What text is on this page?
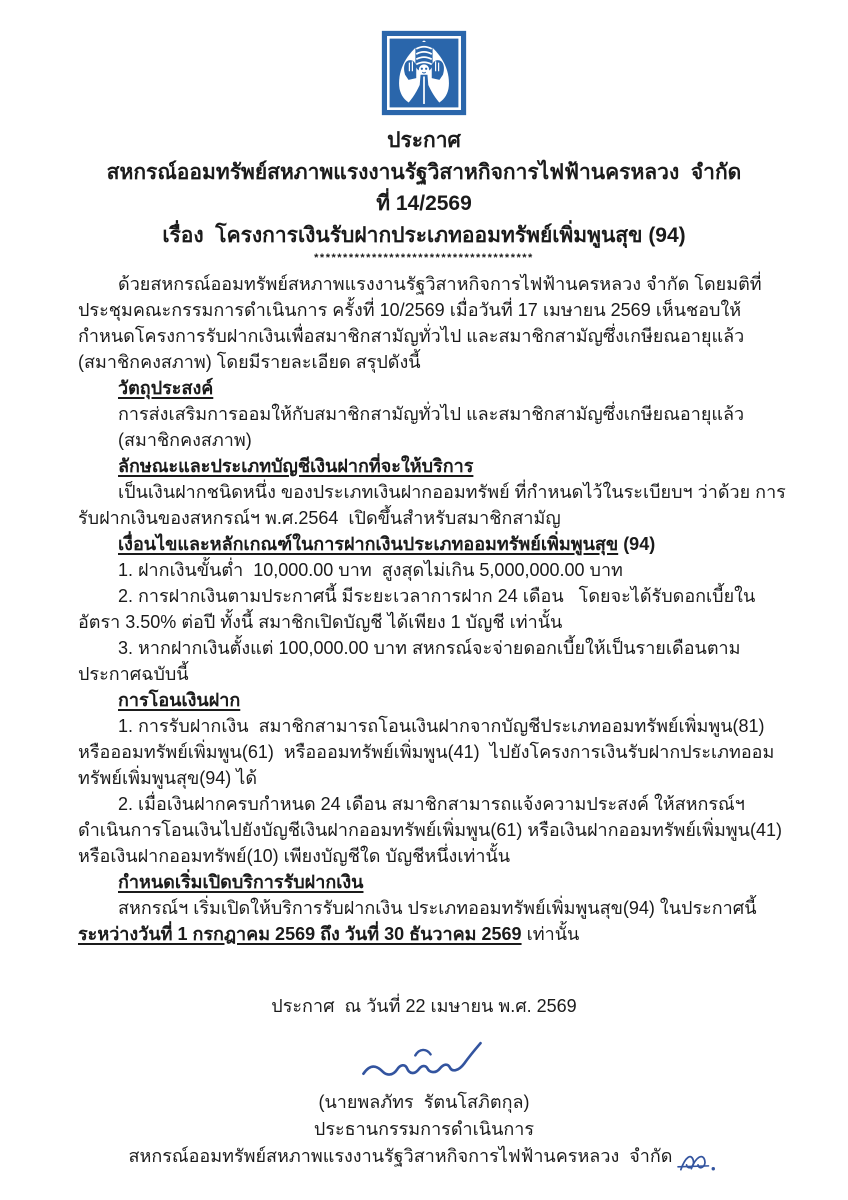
ประกาศ
สหกรณ์ออมทรัพย์สหภาพแรงงานรัฐวิสาหกิจการไฟฟ้านครหลวง  จำกัด
ที่ 14/2569
เรื่อง  โครงการเงินรับฝากประเภทออมทรัพย์เพิ่มพูนสุข (94)
**************************************

ด้วยสหกรณ์ออมทรัพย์สหภาพแรงงานรัฐวิสาหกิจการไฟฟ้านครหลวง จำกัด โดยมติที่ประชุมคณะกรรมการดำเนินการ ครั้งที่ 10/2569 เมื่อวันที่ 17 เมษายน 2569 เห็นชอบให้กำหนดโครงการรับฝากเงินเพื่อสมาชิกสามัญทั่วไป และสมาชิกสามัญซึ่งเกษียณอายุแล้ว (สมาชิกคงสภาพ) โดยมีรายละเอียด สรุปดังนี้

วัตถุประสงค์

การส่งเสริมการออมให้กับสมาชิกสามัญทั่วไป และสมาชิกสามัญซึ่งเกษียณอายุแล้ว (สมาชิกคงสภาพ)

ลักษณะและประเภทบัญชีเงินฝากที่จะให้บริการ

เป็นเงินฝากชนิดหนึ่ง ของประเภทเงินฝากออมทรัพย์ ที่กำหนดไว้ในระเบียบฯ ว่าด้วย การรับฝากเงินของสหกรณ์ฯ พ.ศ.2564  เปิดขึ้นสำหรับสมาชิกสามัญ

เงื่อนไขและหลักเกณฑ์ในการฝากเงินประเภทออมทรัพย์เพิ่มพูนสุข (94)

1. ฝากเงินขั้นต่ำ  10,000.00 บาท  สูงสุดไม่เกิน 5,000,000.00 บาท

2. การฝากเงินตามประกาศนี้ มีระยะเวลาการฝาก 24 เดือน   โดยจะได้รับดอกเบี้ยในอัตรา 3.50% ต่อปี ทั้งนี้ สมาชิกเปิดบัญชี ได้เพียง 1 บัญชี เท่านั้น

3. หากฝากเงินตั้งแต่ 100,000.00 บาท สหกรณ์จะจ่ายดอกเบี้ยให้เป็นรายเดือนตามประกาศฉบับนี้

การโอนเงินฝาก

1. การรับฝากเงิน  สมาชิกสามารถโอนเงินฝากจากบัญชีประเภทออมทรัพย์เพิ่มพูน(81) หรือออมทรัพย์เพิ่มพูน(61)  หรือออมทรัพย์เพิ่มพูน(41)  ไปยังโครงการเงินรับฝากประเภทออมทรัพย์เพิ่มพูนสุข(94) ได้

2. เมื่อเงินฝากครบกำหนด 24 เดือน สมาชิกสามารถแจ้งความประสงค์ ให้สหกรณ์ฯ ดำเนินการโอนเงินไปยังบัญชีเงินฝากออมทรัพย์เพิ่มพูน(61) หรือเงินฝากออมทรัพย์เพิ่มพูน(41) หรือเงินฝากออมทรัพย์(10) เพียงบัญชีใด บัญชีหนึ่งเท่านั้น

กำหนดเริ่มเปิดบริการรับฝากเงิน

สหกรณ์ฯ เริ่มเปิดให้บริการรับฝากเงิน ประเภทออมทรัพย์เพิ่มพูนสุข(94) ในประกาศนี้ ระหว่างวันที่ 1 กรกฎาคม 2569 ถึง วันที่ 30 ธันวาคม 2569 เท่านั้น

ประกาศ  ณ วันที่ 22 เมษายน พ.ศ. 2569
(นายพลภัทร  รัตนโสภิตกุล)
ประธานกรรมการดำเนินการ
สหกรณ์ออมทรัพย์สหภาพแรงงานรัฐวิสาหกิจการไฟฟ้านครหลวง  จำกัด
